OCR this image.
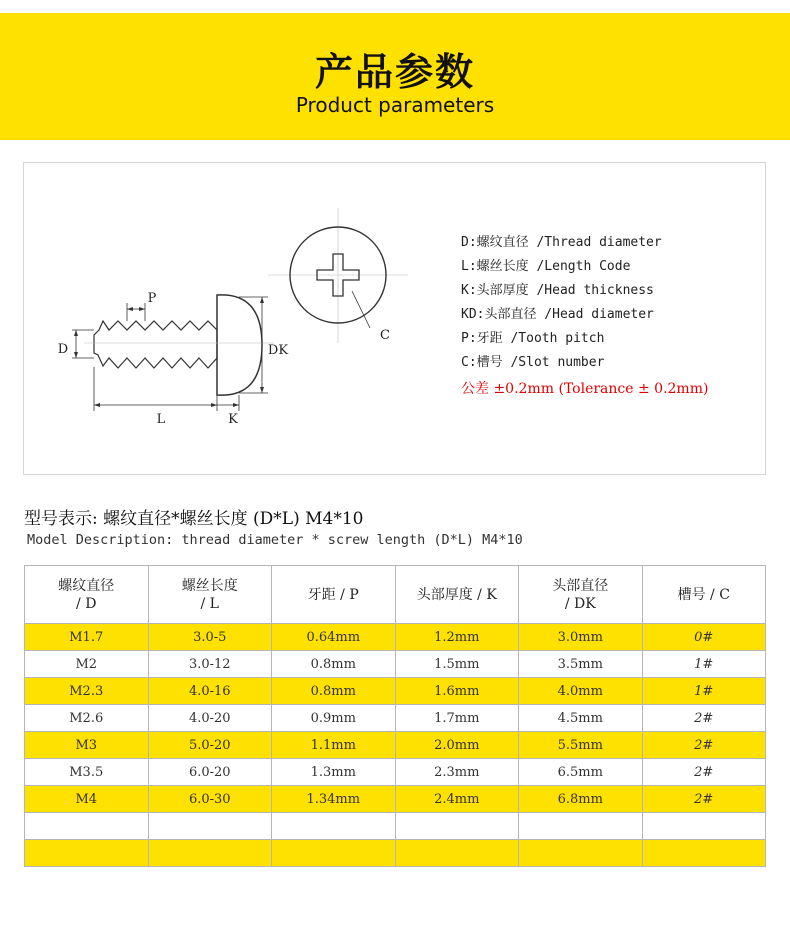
产品参数
Product parameters
P
D	DK
L	K
C
D:螺纹直径 /Thread diameter
L:螺丝长度 /Length Code
K:头部厚度 /Head thickness
KD:头部直径 /Head diameter
P:牙距 /Tooth pitch
C:槽号 /Slot number
公差 ±0.2mm (Tolerance ± 0.2mm)
型号表示: 螺纹直径*螺丝长度 (D*L) M4*10
Model Description: thread diameter * screw length (D*L) M4*10
螺纹直径
/ D	螺丝长度
/ L	牙距 / P	头部厚度 / K	头部直径
/ DK	槽号 / C
M1.7	3.0-5	0.64mm	1.2mm	3.0mm	0#
M2	3.0-12	0.8mm	1.5mm	3.5mm	1#
M2.3	4.0-16	0.8mm	1.6mm	4.0mm	1#
M2.6	4.0-20	0.9mm	1.7mm	4.5mm	2#
M3	5.0-20	1.1mm	2.0mm	5.5mm	2#
M3.5	6.0-20	1.3mm	2.3mm	6.5mm	2#
M4	6.0-30	1.34mm	2.4mm	6.8mm	2#
